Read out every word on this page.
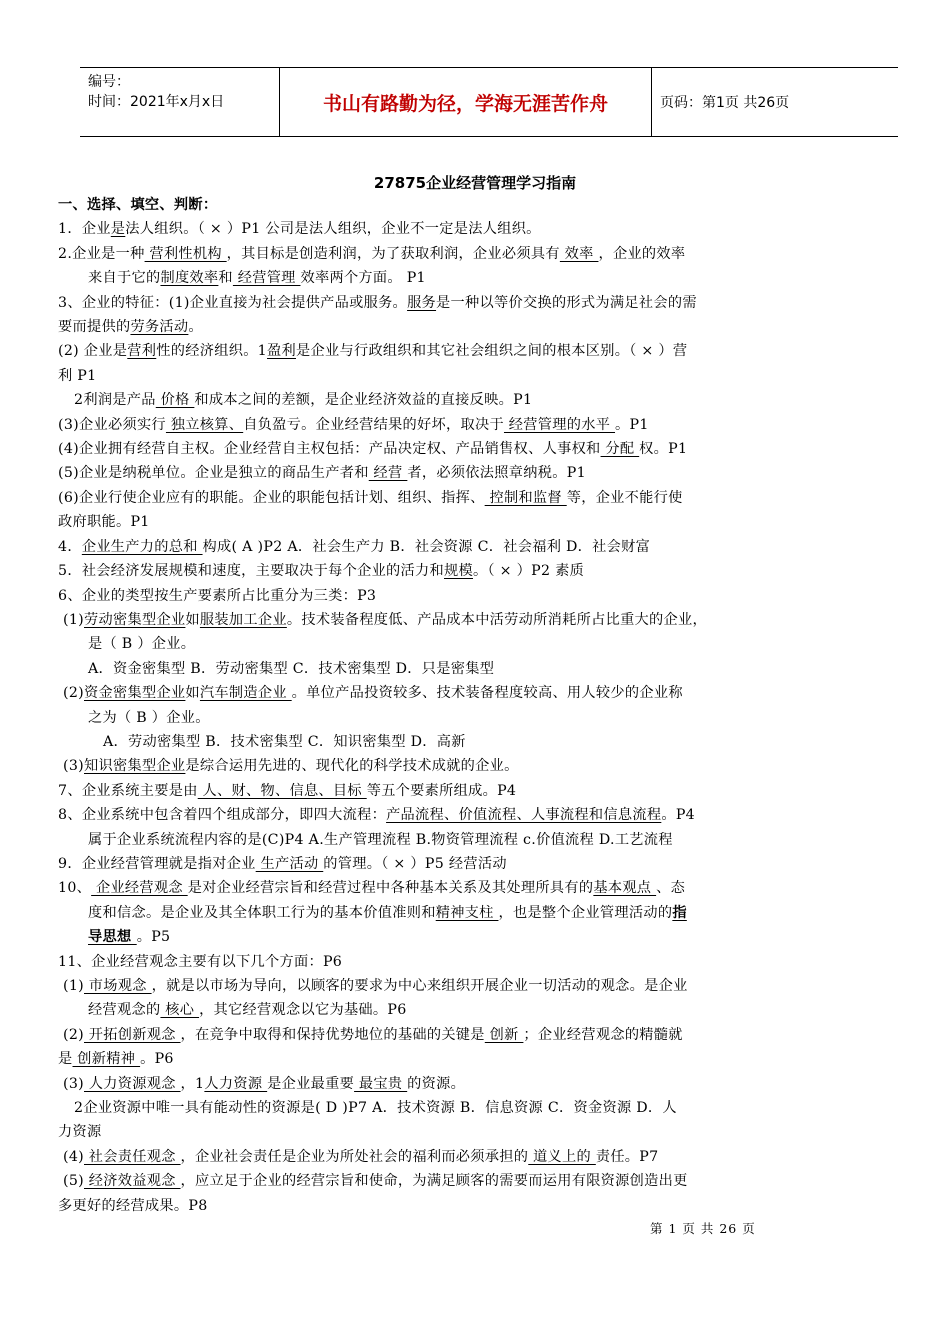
编号：
时间：2021年x月x日	书山有路勤为径，学海无涯苦作舟	页码：第1页 共26页
27875企业经营管理学习指南

一、选择、填空、判断：

1．企业是法人组织。（ × ）P1 公司是法人组织，企业不一定是法人组织。

2.企业是一种 营利性机构 ，其目标是创造利润，为了获取利润，企业必须具有 效率 ，企业的效率

来自于它的制度效率和 经营管理 效率两个方面。 P1

3、企业的特征：(1)企业直接为社会提供产品或服务。服务是一种以等价交换的形式为满足社会的需

要而提供的劳务活动。

(2) 企业是营利性的经济组织。1盈利是企业与行政组织和其它社会组织之间的根本区别。（ × ）营

利 P1

2利润是产品 价格 和成本之间的差额，是企业经济效益的直接反映。P1

(3)企业必须实行 独立核算、自负盈亏。企业经营结果的好坏，取决于 经营管理的水平 。P1

(4)企业拥有经营自主权。企业经营自主权包括：产品决定权、产品销售权、人事权和 分配 权。P1

(5)企业是纳税单位。企业是独立的商品生产者和 经营 者，必须依法照章纳税。P1

(6)企业行使企业应有的职能。企业的职能包括计划、组织、指挥、 控制和监督 等，企业不能行使

政府职能。P1

4．企业生产力的总和 构成( A )P2 A．社会生产力 B．社会资源 C．社会福利 D．社会财富

5．社会经济发展规模和速度，主要取决于每个企业的活力和规模。（ × ）P2 素质

6、企业的类型按生产要素所占比重分为三类：P3

(1)劳动密集型企业如服装加工企业。技术装备程度低、产品成本中活劳动所消耗所占比重大的企业，

是（ B ）企业。

A．资金密集型 B．劳动密集型 C．技术密集型 D．只是密集型

(2)资金密集型企业如汽车制造企业 。单位产品投资较多、技术装备程度较高、用人较少的企业称

之为（ B ）企业。

A．劳动密集型 B．技术密集型 C．知识密集型 D．高新

(3)知识密集型企业是综合运用先进的、现代化的科学技术成就的企业。

7、企业系统主要是由 人、财、物、信息、目标 等五个要素所组成。P4

8、企业系统中包含着四个组成部分，即四大流程：产品流程、价值流程、人事流程和信息流程。P4

属于企业系统流程内容的是(C)P4 A.生产管理流程 B.物资管理流程 c.价值流程 D.工艺流程

9．企业经营管理就是指对企业 生产活动 的管理。（ × ）P5 经营活动

10、 企业经营观念 是对企业经营宗旨和经营过程中各种基本关系及其处理所具有的基本观点 、态

度和信念。是企业及其全体职工行为的基本价值准则和精神支柱 ，也是整个企业管理活动的指

导思想 。P5

11、企业经营观念主要有以下几个方面：P6

(1) 市场观念 ，就是以市场为导向，以顾客的要求为中心来组织开展企业一切活动的观念。是企业

经营观念的 核心 ，其它经营观念以它为基础。P6

(2) 开拓创新观念 ，在竞争中取得和保持优势地位的基础的关键是 创新 ；企业经营观念的精髓就

是 创新精神 。P6

(3) 人力资源观念 ，1人力资源 是企业最重要 最宝贵 的资源。

2企业资源中唯一具有能动性的资源是( D )P7 A．技术资源 B．信息资源 C．资金资源 D．人

力资源

(4) 社会责任观念 ，企业社会责任是企业为所处社会的福利而必须承担的 道义上的 责任。P7

(5) 经济效益观念 ，应立足于企业的经营宗旨和使命，为满足顾客的需要而运用有限资源创造出更

多更好的经营成果。P8

第 1 页 共 26 页
